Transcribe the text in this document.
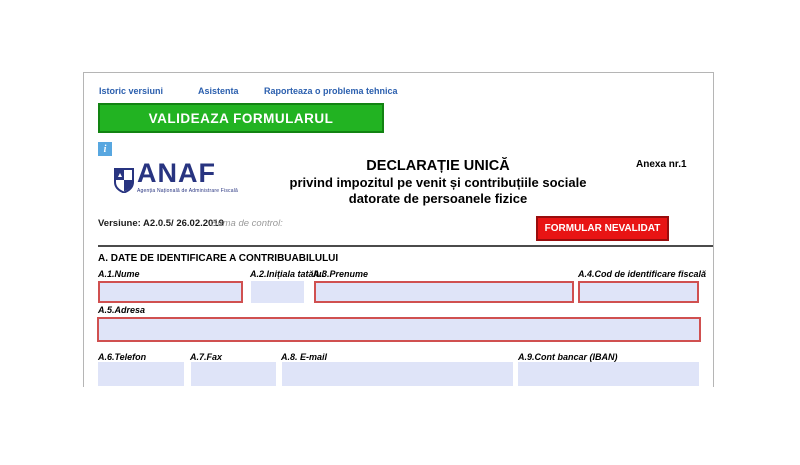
Istoric versiuni	Asistenta	Raporteaza o problema tehnica
VALIDEAZA FORMULARUL
i
ANAF
Agenția Națională de Administrare Fiscală
DECLARAȚIE UNICĂ
privind impozitul pe venit și contribuțiile sociale
datorate de persoanele fizice
Anexa nr.1
Versiune: A2.0.5/ 26.02.2019
Suma de control:	FORMULAR NEVALIDAT
A. DATE DE IDENTIFICARE A CONTRIBUABILULUI
A.1.Nume	A.2.Inițiala tatălui
A.3.Prenume	A.4.Cod de identificare fiscală
A.5.Adresa
A.6.Telefon	A.7.Fax	A.8. E-mail	A.9.Cont bancar (IBAN)
